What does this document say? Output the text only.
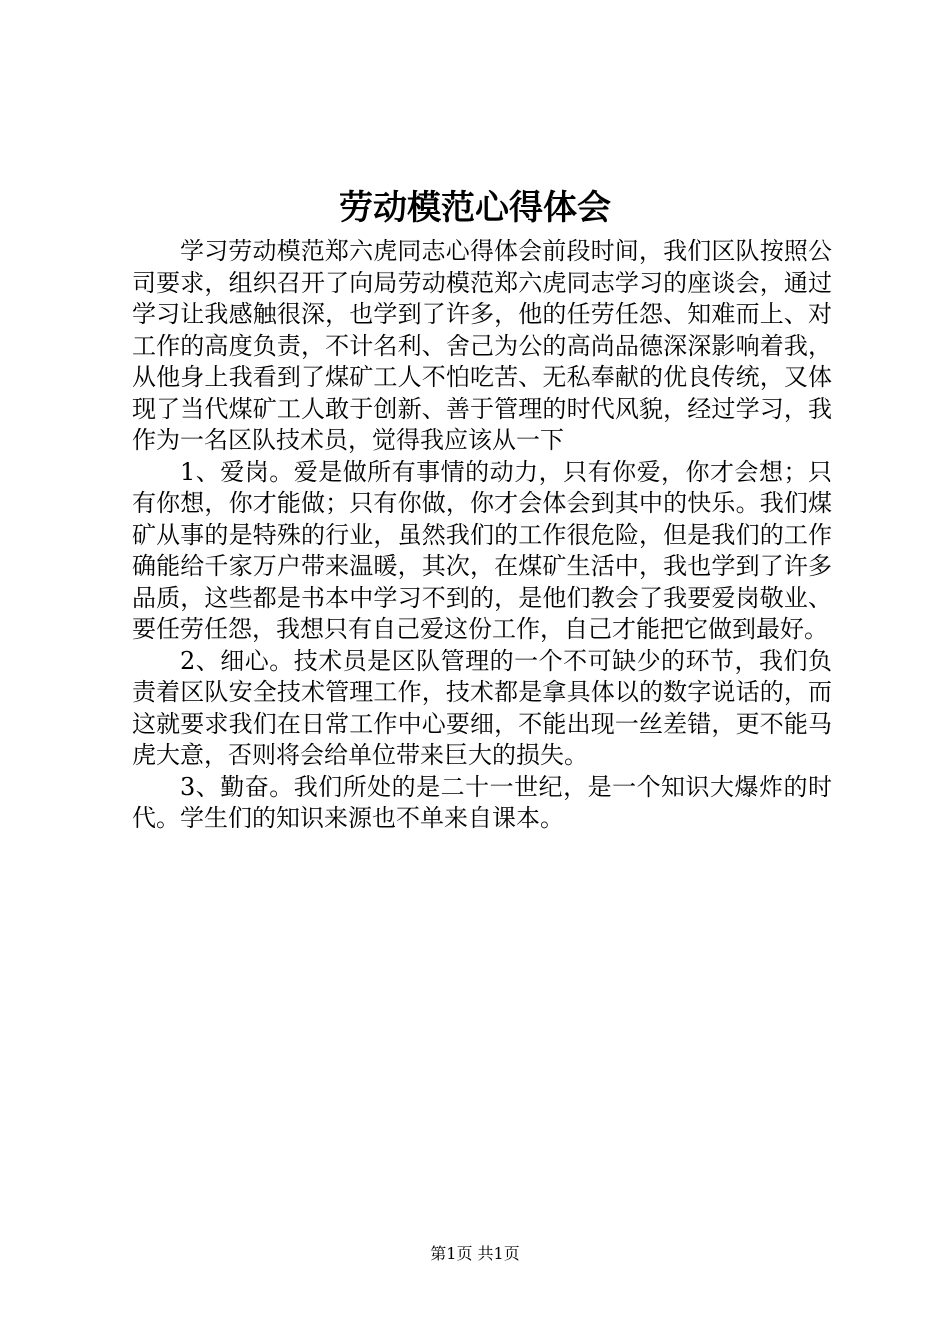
劳动模范心得体会

学习劳动模范郑六虎同志心得体会前段时间，我们区队按照公司要求，组织召开了向局劳动模范郑六虎同志学习的座谈会，通过学习让我感触很深，也学到了许多，他的任劳任怨、知难而上、对工作的高度负责，不计名利、舍己为公的高尚品德深深影响着我，从他身上我看到了煤矿工人不怕吃苦、无私奉献的优良传统，又体现了当代煤矿工人敢于创新、善于管理的时代风貌，经过学习，我作为一名区队技术员，觉得我应该从一下

1、爱岗。爱是做所有事情的动力，只有你爱，你才会想；只有你想，你才能做；只有你做，你才会体会到其中的快乐。我们煤矿从事的是特殊的行业，虽然我们的工作很危险，但是我们的工作确能给千家万户带来温暖，其次，在煤矿生活中，我也学到了许多品质，这些都是书本中学习不到的，是他们教会了我要爱岗敬业、要任劳任怨，我想只有自己爱这份工作，自己才能把它做到最好。

2、细心。技术员是区队管理的一个不可缺少的环节，我们负责着区队安全技术管理工作，技术都是拿具体以的数字说话的，而这就要求我们在日常工作中心要细，不能出现一丝差错，更不能马虎大意，否则将会给单位带来巨大的损失。

3、勤奋。我们所处的是二十一世纪，是一个知识大爆炸的时代。学生们的知识来源也不单来自课本。

第1页 共1页
